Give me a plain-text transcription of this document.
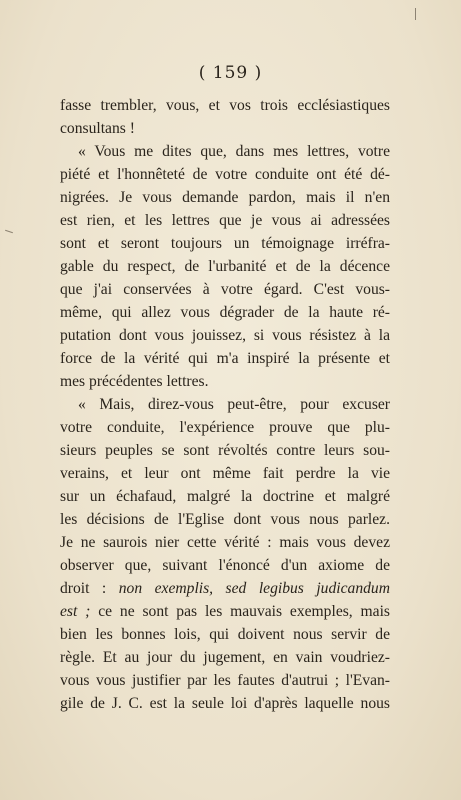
( 159 )
fasse trembler, vous, et vos trois ecclésiastiques
consultans !
« Vous me dites que, dans mes lettres, votre
piété et l'honnêteté de votre conduite ont été dé-
nigrées. Je vous demande pardon, mais il n'en
est rien, et les lettres que je vous ai adressées
sont et seront toujours un témoignage irréfra-
gable du respect, de l'urbanité et de la décence
que j'ai conservées à votre égard. C'est vous-
même, qui allez vous dégrader de la haute ré-
putation dont vous jouissez, si vous résistez à la
force de la vérité qui m'a inspiré la présente et
mes précédentes lettres.
« Mais, direz-vous peut-être, pour excuser
votre conduite, l'expérience prouve que plu-
sieurs peuples se sont révoltés contre leurs sou-
verains, et leur ont même fait perdre la vie
sur un échafaud, malgré la doctrine et malgré
les décisions de l'Eglise dont vous nous parlez.
Je ne saurois nier cette vérité : mais vous devez
observer que, suivant l'énoncé d'un axiome de
droit : non exemplis, sed legibus judicandum
est ; ce ne sont pas les mauvais exemples, mais
bien les bonnes lois, qui doivent nous servir de
règle. Et au jour du jugement, en vain voudriez-
vous vous justifier par les fautes d'autrui ; l'Evan-
gile de J. C. est la seule loi d'après laquelle nous
